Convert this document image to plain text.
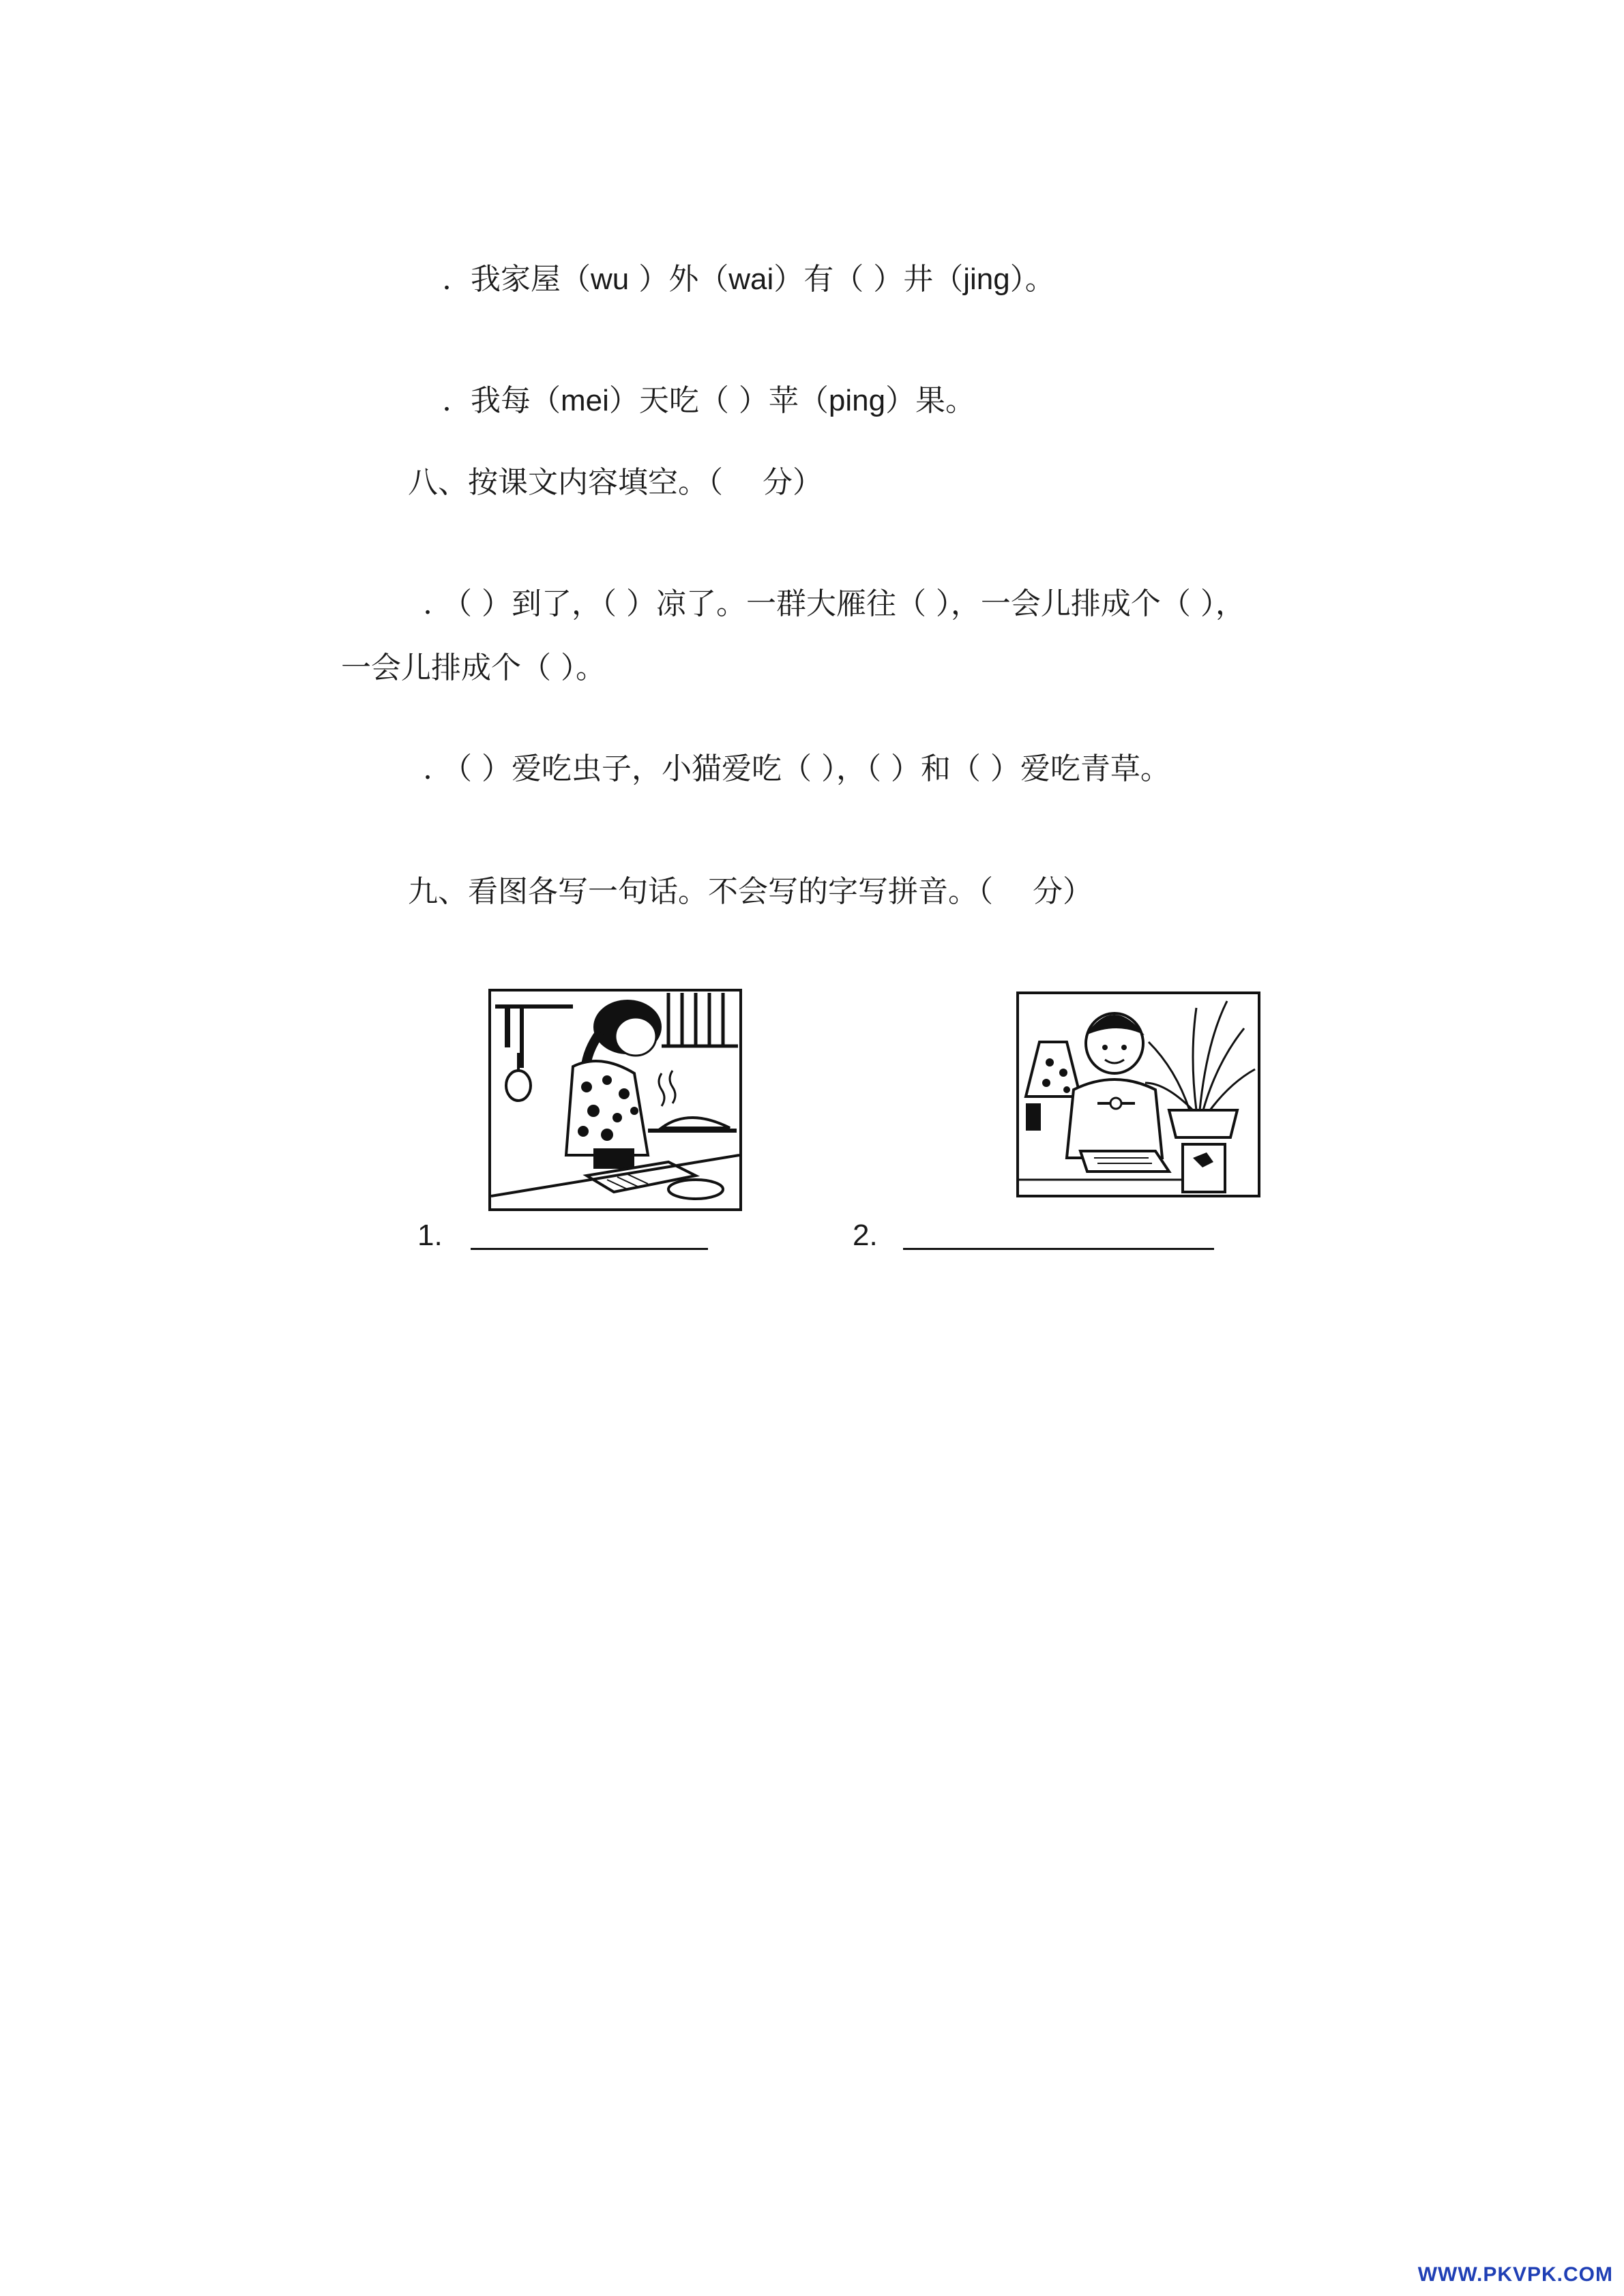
. 我家屋（wu ）外（wai）有（ ）井（jing）。

. 我每（mei）天吃（ ）苹（ping）果。

八、按课文内容填空。（　 分）
. （ ）到了，（ ）凉了。一群大雁往（ ），一会儿排成个（ ），
一会儿排成个（ ）。
. （ ）爱吃虫子，小猫爱吃（ ），（ ）和（ ）爱吃青草。
九、看图各写一句话。不会写的字写拼音。（　 分）
1.	2.
WWW.PKVPK.COM
